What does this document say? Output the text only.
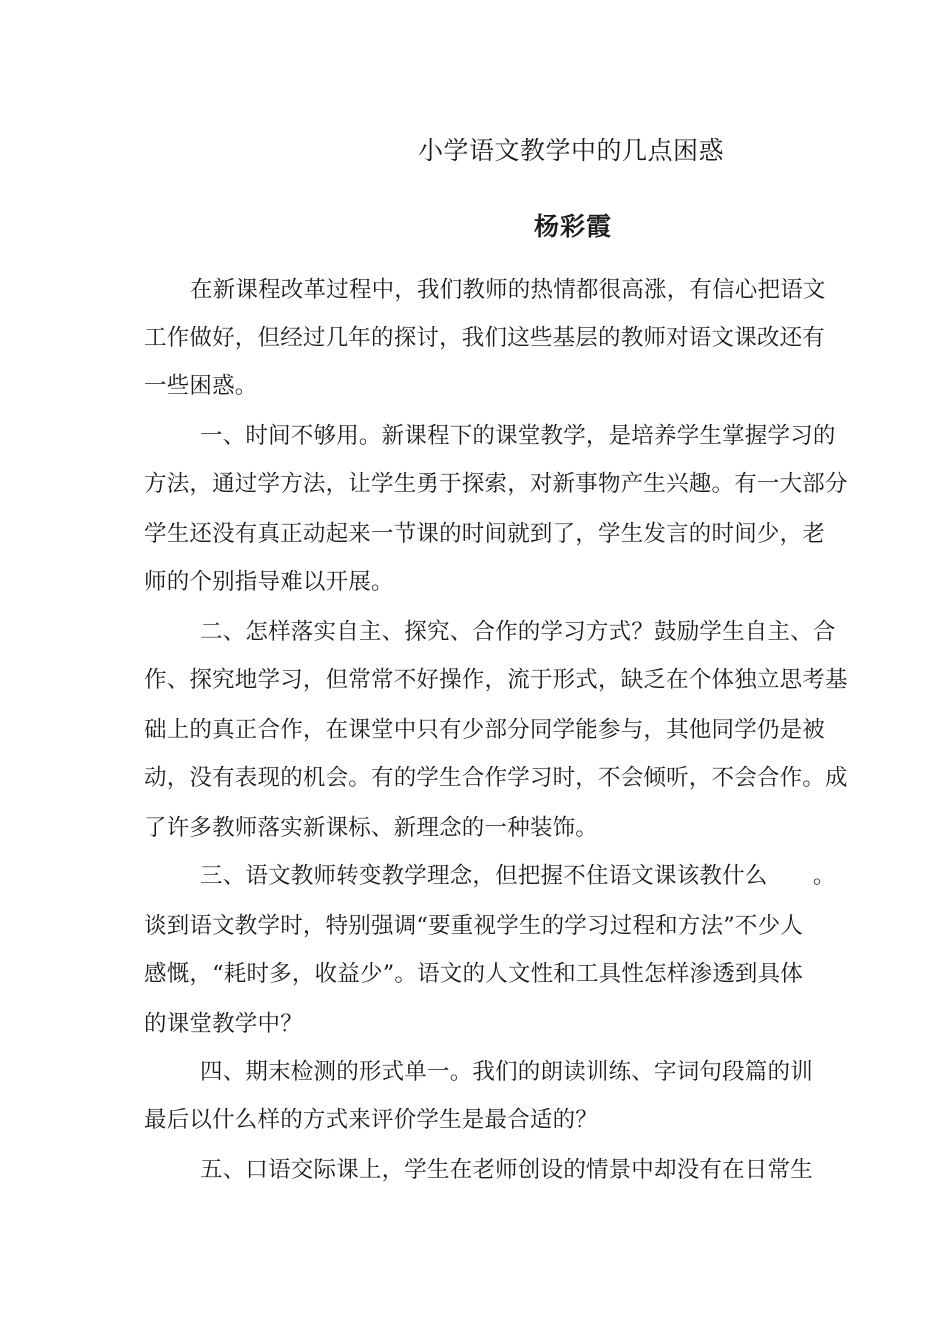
小学语文教学中的几点困惑
杨彩霞
在新课程改革过程中，我们教师的热情都很高涨，有信心把语文
工作做好，但经过几年的探讨，我们这些基层的教师对语文课改还有
一些困惑。
一、时间不够用。新课程下的课堂教学，是培养学生掌握学习的
方法，通过学方法，让学生勇于探索，对新事物产生兴趣。有一大部分
学生还没有真正动起来一节课的时间就到了，学生发言的时间少，老
师的个别指导难以开展。
二、怎样落实自主、探究、合作的学习方式？鼓励学生自主、合
作、探究地学习，但常常不好操作，流于形式，缺乏在个体独立思考基
础上的真正合作，在课堂中只有少部分同学能参与，其他同学仍是被
动，没有表现的机会。有的学生合作学习时，不会倾听，不会合作。成
了许多教师落实新课标、新理念的一种装饰。
三、语文教师转变教学理念，但把握不住语文课该教什么　　。
谈到语文教学时，特别强调“要重视学生的学习过程和方法”不少人
感慨，“耗时多，收益少”。语文的人文性和工具性怎样渗透到具体
的课堂教学中？
四、期末检测的形式单一。我们的朗读训练、字词句段篇的训
最后以什么样的方式来评价学生是最合适的？
五、口语交际课上，学生在老师创设的情景中却没有在日常生
